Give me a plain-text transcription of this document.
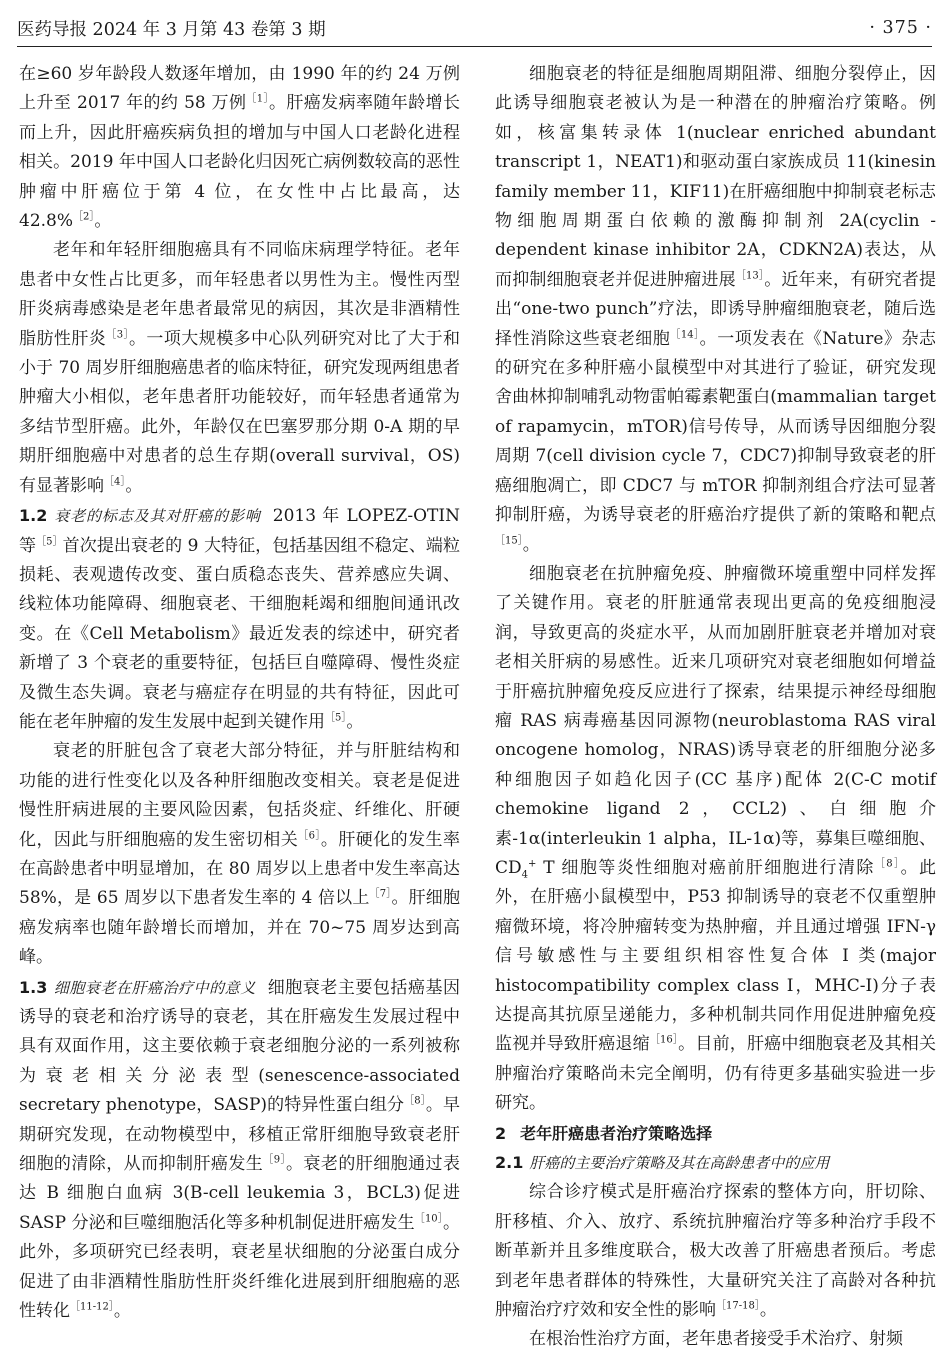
医药导报 2024 年 3 月第 43 卷第 3 期	· 375 ·

在≥60 岁年龄段人数逐年增加，由 1990 年的约 24 万例上升至 2017 年的约 58 万例$^{[1]}$。肝癌发病率随年龄增长而上升，因此肝癌疾病负担的增加与中国人口老龄化进程相关。2019 年中国人口老龄化归因死亡病例数较高的恶性肿瘤中肝癌位于第 4 位，在女性中占比最高，达 42.8%$^{[2]}$。

老年和年轻肝细胞癌具有不同临床病理学特征。老年患者中女性占比更多，而年轻患者以男性为主。慢性丙型肝炎病毒感染是老年患者最常见的病因，其次是非酒精性脂肪性肝炎$^{[3]}$。一项大规模多中心队列研究对比了大于和小于 70 周岁肝细胞癌患者的临床特征，研究发现两组患者肿瘤大小相似，老年患者肝功能较好，而年轻患者通常为多结节型肝癌。此外，年龄仅在巴塞罗那分期 0-A 期的早期肝细胞癌中对患者的总生存期(overall survival，OS)有显著影响$^{[4]}$。

1.2 衰老的标志及其对肝癌的影响 2013 年 LOPEZ-OTIN 等$^{[5]}$首次提出衰老的 9 大特征，包括基因组不稳定、端粒损耗、表观遗传改变、蛋白质稳态丧失、营养感应失调、线粒体功能障碍、细胞衰老、干细胞耗竭和细胞间通讯改变。在《Cell Metabolism》最近发表的综述中，研究者新增了 3 个衰老的重要特征，包括巨自噬障碍、慢性炎症及微生态失调。衰老与癌症存在明显的共有特征，因此可能在老年肿瘤的发生发展中起到关键作用$^{[5]}$。

衰老的肝脏包含了衰老大部分特征，并与肝脏结构和功能的进行性变化以及各种肝细胞改变相关。衰老是促进慢性肝病进展的主要风险因素，包括炎症、纤维化、肝硬化，因此与肝细胞癌的发生密切相关$^{[6]}$。肝硬化的发生率在高龄患者中明显增加，在 80 周岁以上患者中发生率高达 58%，是 65 周岁以下患者发生率的 4 倍以上$^{[7]}$。肝细胞癌发病率也随年龄增长而增加，并在 70~75 周岁达到高峰。

1.3 细胞衰老在肝癌治疗中的意义 细胞衰老主要包括癌基因诱导的衰老和治疗诱导的衰老，其在肝癌发生发展过程中具有双面作用，这主要依赖于衰老细胞分泌的一系列被称为衰老相关分泌表型(senescence-associated secretary phenotype，SASP)的特异性蛋白组分$^{[8]}$。早期研究发现，在动物模型中，移植正常肝细胞导致衰老肝细胞的清除，从而抑制肝癌发生$^{[9]}$。衰老的肝细胞通过表达 B 细胞白血病 3(B-cell leukemia 3，BCL3)促进 SASP 分泌和巨噬细胞活化等多种机制促进肝癌发生$^{[10]}$。此外，多项研究已经表明，衰老星状细胞的分泌蛋白成分促进了由非酒精性脂肪性肝炎纤维化进展到肝细胞癌的恶性转化$^{[11-12]}$。

细胞衰老的特征是细胞周期阻滞、细胞分裂停止，因此诱导细胞衰老被认为是一种潜在的肿瘤治疗策略。例如，核富集转录体 1(nuclear enriched abundant transcript 1，NEAT1)和驱动蛋白家族成员 11(kinesin family member 11，KIF11)在肝癌细胞中抑制衰老标志物细胞周期蛋白依赖的激酶抑制剂 2A(cyclin - dependent kinase inhibitor 2A，CDKN2A)表达，从而抑制细胞衰老并促进肿瘤进展$^{[13]}$。近年来，有研究者提出“one-two punch”疗法，即诱导肿瘤细胞衰老，随后选择性消除这些衰老细胞$^{[14]}$。一项发表在《Nature》杂志的研究在多种肝癌小鼠模型中对其进行了验证，研究发现舍曲林抑制哺乳动物雷帕霉素靶蛋白(mammalian target of rapamycin，mTOR)信号传导，从而诱导因细胞分裂周期 7(cell division cycle 7，CDC7)抑制导致衰老的肝癌细胞凋亡，即 CDC7 与 mTOR 抑制剂组合疗法可显著抑制肝癌，为诱导衰老的肝癌治疗提供了新的策略和靶点$^{[15]}$。

细胞衰老在抗肿瘤免疫、肿瘤微环境重塑中同样发挥了关键作用。衰老的肝脏通常表现出更高的免疫细胞浸润，导致更高的炎症水平，从而加剧肝脏衰老并增加对衰老相关肝病的易感性。近来几项研究对衰老细胞如何增益于肝癌抗肿瘤免疫反应进行了探索，结果提示神经母细胞瘤 RAS 病毒癌基因同源物(neuroblastoma RAS viral oncogene homolog，NRAS)诱导衰老的肝细胞分泌多种细胞因子如趋化因子(CC 基序)配体 2(C-C motif chemokine ligand 2，CCL2)、白细胞介素-1α(interleukin 1 alpha，IL-1α)等，募集巨噬细胞、$CD_4^+$ T 细胞等炎性细胞对癌前肝细胞进行清除$^{[8]}$。此外，在肝癌小鼠模型中，P53 抑制诱导的衰老不仅重塑肿瘤微环境，将冷肿瘤转变为热肿瘤，并且通过增强 IFN-γ 信号敏感性与主要组织相容性复合体 I 类(major histocompatibility complex class I，MHC-I)分子表达提高其抗原呈递能力，多种机制共同作用促进肿瘤免疫监视并导致肝癌退缩$^{[16]}$。目前，肝癌中细胞衰老及其相关肿瘤治疗策略尚未完全阐明，仍有待更多基础实验进一步研究。

2 老年肝癌患者治疗策略选择

2.1 肝癌的主要治疗策略及其在高龄患者中的应用

综合诊疗模式是肝癌治疗探索的整体方向，肝切除、肝移植、介入、放疗、系统抗肿瘤治疗等多种治疗手段不断革新并且多维度联合，极大改善了肝癌患者预后。考虑到老年患者群体的特殊性，大量研究关注了高龄对各种抗肿瘤治疗疗效和安全性的影响$^{[17-18]}$。

在根治性治疗方面，老年患者接受手术治疗、射频
